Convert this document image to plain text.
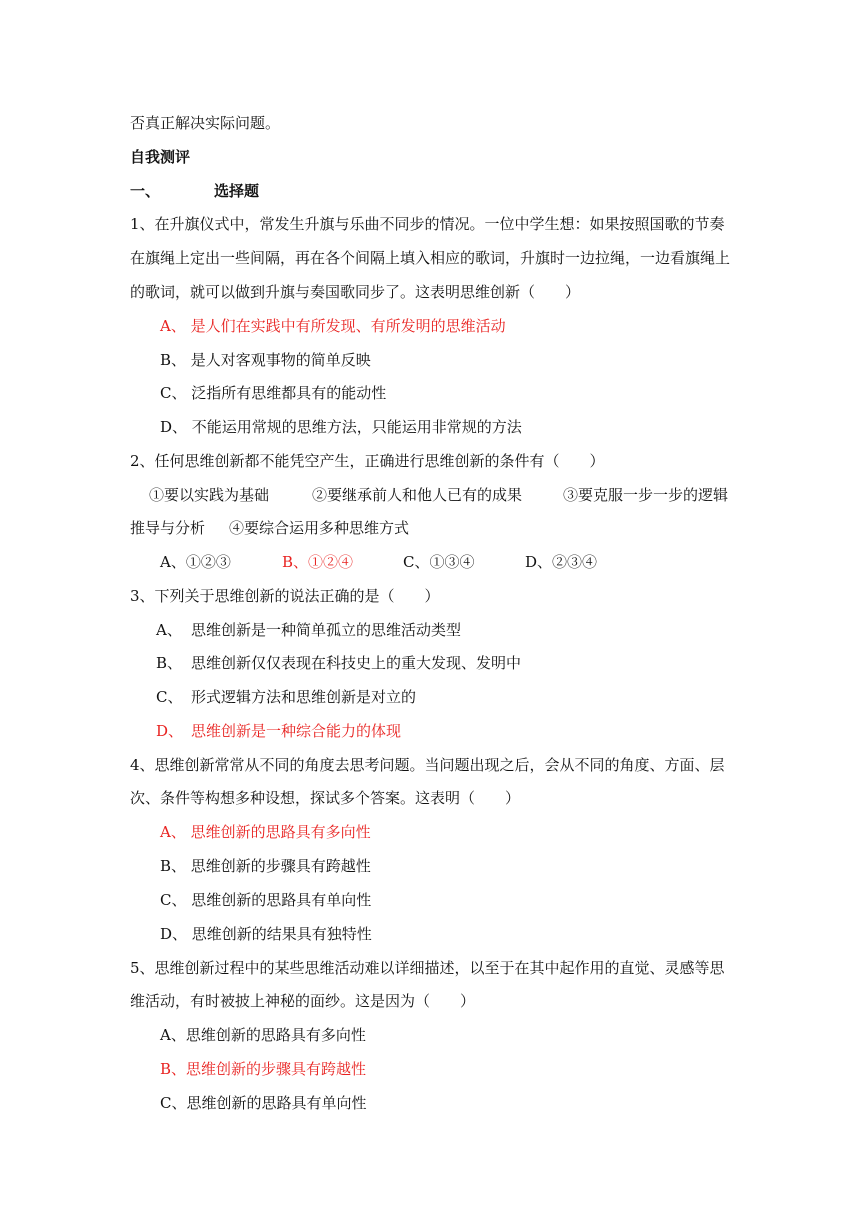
否真正解决实际问题。
自我测评
一、	选择题
1、在升旗仪式中，常发生升旗与乐曲不同步的情况。一位中学生想：如果按照国歌的节奏
在旗绳上定出一些间隔，再在各个间隔上填入相应的歌词，升旗时一边拉绳，一边看旗绳上
的歌词，就可以做到升旗与奏国歌同步了。这表明思维创新（　　）
A、 是人们在实践中有所发现、有所发明的思维活动
B、 是人对客观事物的简单反映
C、 泛指所有思维都具有的能动性
D、 不能运用常规的思维方法，只能运用非常规的方法
2、任何思维创新都不能凭空产生，正确进行思维创新的条件有（　　）
①要以实践为基础	②要继承前人和他人已有的成果	③要克服一步一步的逻辑
推导与分析 ④要综合运用多种思维方式
A、①②③	B、①②④	C、①③④	D、②③④
3、下列关于思维创新的说法正确的是（　　）
A、 思维创新是一种简单孤立的思维活动类型
B、 思维创新仅仅表现在科技史上的重大发现、发明中
C、 形式逻辑方法和思维创新是对立的
D、 思维创新是一种综合能力的体现
4、思维创新常常从不同的角度去思考问题。当问题出现之后，会从不同的角度、方面、层
次、条件等构想多种设想，探试多个答案。这表明（　　）
A、 思维创新的思路具有多向性
B、 思维创新的步骤具有跨越性
C、 思维创新的思路具有单向性
D、 思维创新的结果具有独特性
5、思维创新过程中的某些思维活动难以详细描述，以至于在其中起作用的直觉、灵感等思
维活动，有时被披上神秘的面纱。这是因为（　　）
A、思维创新的思路具有多向性
B、思维创新的步骤具有跨越性
C、思维创新的思路具有单向性
